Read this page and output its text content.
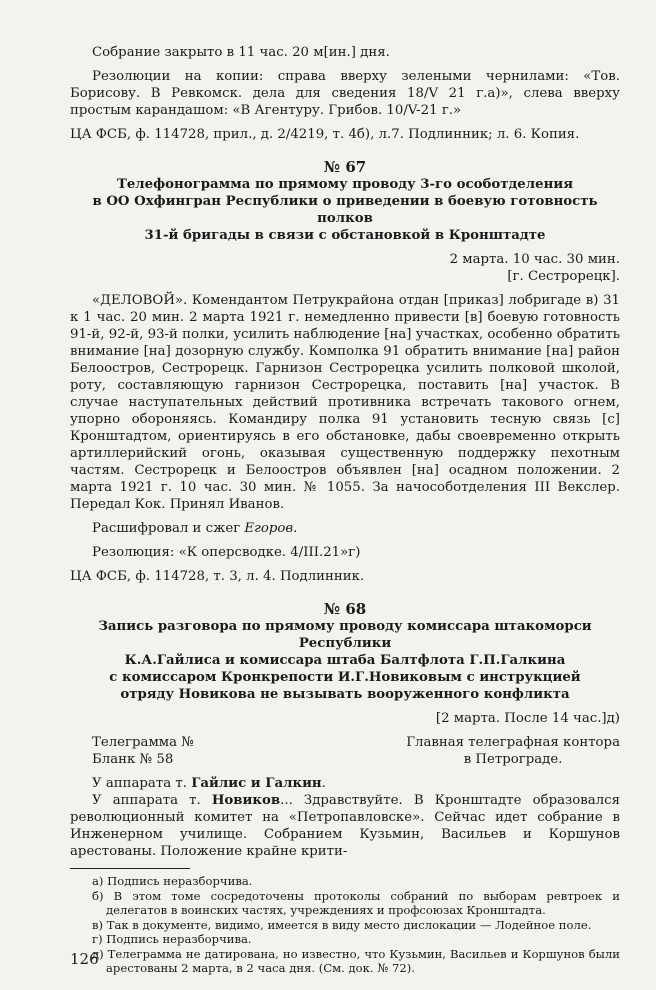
Собрание закрыто в 11 час. 20 м[ин.] дня.

Резолюции на копии: справа вверху зелеными чернилами: «Тов. Борисову. В Ревкомск. дела для сведения 18/V 21 г.а)», слева вверху простым карандашом: «В Агентуру. Грибов. 10/V-21 г.»

ЦА ФСБ, ф. 114728, прил., д. 2/4219, т. 4б), л.7. Подлинник; л. 6. Копия.

№ 67

Телефонограмма по прямому проводу 3-го особотделения

в ОО Охфингран Республики о приведении в боевую готовность полков

31-й бригады в связи с обстановкой в Кронштадте

2 марта. 10 час. 30 мин.

[г. Сестрорецк].

«ДЕЛОВОЙ». Комендантом Петрукрайона отдан [приказ] лобригаде в) 31 к 1 час. 20 мин. 2 марта 1921 г. немедленно привести [в] боевую готовность 91-й, 92-й, 93-й полки, усилить наблюдение [на] участках, особенно обратить внимание [на] дозорную службу. Комполка 91 обратить внимание [на] район Белоостров, Сестрорецк. Гарнизон Сестрорецка усилить полковой школой, роту, составляющую гарнизон Сестрорецка, поставить [на] участок. В случае наступательных действий противника встречать такового огнем, упорно обороняясь. Командиру полка 91 установить тесную связь [с] Кронштадтом, ориентируясь в его обстановке, дабы своевременно открыть артиллерийский огонь, оказывая существенную поддержку пехотным частям. Сестрорецк и Белоостров объявлен [на] осадном положении. 2 марта 1921 г. 10 час. 30 мин. № 1055. За начособотделения III Векслер. Передал Кок. Принял Иванов.

Расшифровал и сжег Егоров.

Резолюция: «К оперсводке. 4/III.21»г)

ЦА ФСБ, ф. 114728, т. 3, л. 4. Подлинник.

№ 68

Запись разговора по прямому проводу комиссара штакоморси Республики

К.А.Гайлиса и комиссара штаба Балтфлота Г.П.Галкина

с комиссаром Кронкрепости И.Г.Новиковым с инструкцией

отряду Новикова не вызывать вооруженного конфликта

[2 марта. После 14 час.]д)

Телеграмма №

Бланк № 58

Главная телеграфная контора

в Петрограде.

У аппарата т. Гайлис и Галкин.

У аппарата т. Новиков... Здравствуйте. В Кронштадте образовался революционный комитет на «Петропавловске». Сейчас идет собрание в Инженерном училище. Собранием Кузьмин, Васильев и Коршунов арестованы. Положение крайне крити-

а) Подпись неразборчива.

б) В этом томе сосредоточены протоколы собраний по выборам ревтроек и делегатов в воинских частях, учреждениях и профсоюзах Кронштадта.

в) Так в документе, видимо, имеется в виду место дислокации — Лодейное поле.

г) Подпись неразборчива.

д) Телеграмма не датирована, но известно, что Кузьмин, Васильев и Коршунов были арестованы 2 марта, в 2 часа дня. (См. док. № 72).

126
